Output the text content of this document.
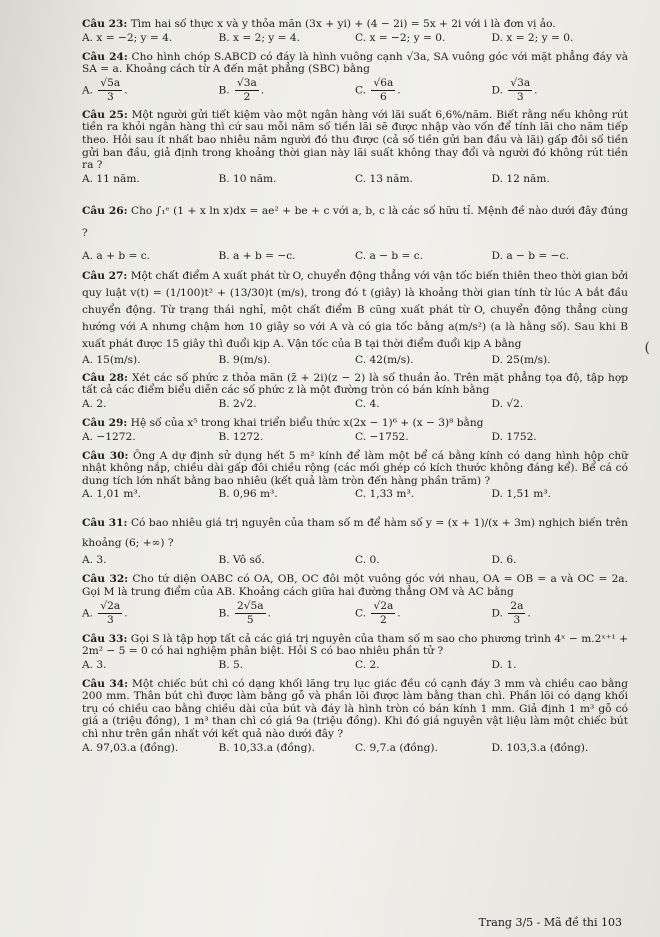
Câu 23: Tìm hai số thực x và y thỏa mãn (3x + yi) + (4 − 2i) = 5x + 2i với i là đơn vị ảo.
A. x = −2; y = 4.	B. x = 2; y = 4.	C. x = −2; y = 0.	D. x = 2; y = 0.
Câu 24: Cho hình chóp S.ABCD có đáy là hình vuông cạnh √3a, SA vuông góc với mặt phẳng đáy và SA = a. Khoảng cách từ A đến mặt phẳng (SBC) bằng
A. $\frac{√5a}{3}$ .	B. $\frac{√3a}{2}$ .	C. $\frac{√6a}{6}$ .	D. $\frac{√3a}{3}$ .
Câu 25: Một người gửi tiết kiệm vào một ngân hàng với lãi suất 6,6%/năm. Biết rằng nếu không rút tiền ra khỏi ngân hàng thì cứ sau mỗi năm số tiền lãi sẽ được nhập vào vốn để tính lãi cho năm tiếp theo. Hỏi sau ít nhất bao nhiêu năm người đó thu được (cả số tiền gửi ban đầu và lãi) gấp đôi số tiền gửi ban đầu, giả định trong khoảng thời gian này lãi suất không thay đổi và người đó không rút tiền ra ?
A. 11 năm.	B. 10 năm.	C. 13 năm.	D. 12 năm.
Câu 26: Cho ∫₁ᵉ (1 + x ln x)dx = ae² + be + c với a, b, c là các số hữu tỉ. Mệnh đề nào dưới đây đúng ?
A. a + b = c.	B. a + b = −c.	C. a − b = c.	D. a − b = −c.
Câu 27: Một chất điểm A xuất phát từ O, chuyển động thẳng với vận tốc biến thiên theo thời gian bởi quy luật v(t) = (1/100)t² + (13/30)t (m/s), trong đó t (giây) là khoảng thời gian tính từ lúc A bắt đầu chuyển động. Từ trạng thái nghỉ, một chất điểm B cũng xuất phát từ O, chuyển động thẳng cùng hướng với A nhưng chậm hơn 10 giây so với A và có gia tốc bằng a(m/s²) (a là hằng số). Sau khi B xuất phát được 15 giây thì đuổi kịp A. Vận tốc của B tại thời điểm đuổi kịp A bằng
A. 15(m/s).	B. 9(m/s).	C. 42(m/s).	D. 25(m/s).
Câu 28: Xét các số phức z thỏa mãn (z̄ + 2i)(z − 2) là số thuần ảo. Trên mặt phẳng tọa độ, tập hợp tất cả các điểm biểu diễn các số phức z là một đường tròn có bán kính bằng
A. 2.	B. 2√2.	C. 4.	D. √2.
Câu 29: Hệ số của x⁵ trong khai triển biểu thức x(2x − 1)⁶ + (x − 3)⁸ bằng
A. −1272.	B. 1272.	C. −1752.	D. 1752.
Câu 30: Ông A dự định sử dụng hết 5 m² kính để làm một bể cá bằng kính có dạng hình hộp chữ nhật không nắp, chiều dài gấp đôi chiều rộng (các mối ghép có kích thước không đáng kể). Bể cá có dung tích lớn nhất bằng bao nhiêu (kết quả làm tròn đến hàng phần trăm) ?
A. 1,01 m³.	B. 0,96 m³.	C. 1,33 m³.	D. 1,51 m³.
Câu 31: Có bao nhiêu giá trị nguyên của tham số m để hàm số y = (x + 1)/(x + 3m) nghịch biến trên khoảng (6; +∞) ?
A. 3.	B. Vô số.	C. 0.	D. 6.
Câu 32: Cho tứ diện OABC có OA, OB, OC đôi một vuông góc với nhau, OA = OB = a và OC = 2a. Gọi M là trung điểm của AB. Khoảng cách giữa hai đường thẳng OM và AC bằng
A. $\frac{√2a}{3}$ .	B. $\frac{2√5a}{5}$ .	C. $\frac{√2a}{2}$ .	D. $\frac{2a}{3}$ .
Câu 33: Gọi S là tập hợp tất cả các giá trị nguyên của tham số m sao cho phương trình 4ˣ − m.2ˣ⁺¹ + 2m² − 5 = 0 có hai nghiệm phân biệt. Hỏi S có bao nhiêu phần tử ?
A. 3.	B. 5.	C. 2.	D. 1.
Câu 34: Một chiếc bút chì có dạng khối lăng trụ lục giác đều có cạnh đáy 3 mm và chiều cao bằng 200 mm. Thân bút chì được làm bằng gỗ và phần lõi được làm bằng than chì. Phần lõi có dạng khối trụ có chiều cao bằng chiều dài của bút và đáy là hình tròn có bán kính 1 mm. Giả định 1 m³ gỗ có giá a (triệu đồng), 1 m³ than chì có giá 9a (triệu đồng). Khi đó giá nguyên vật liệu làm một chiếc bút chì như trên gần nhất với kết quả nào dưới đây ?
A. 97,03.a (đồng).	B. 10,33.a (đồng).	C. 9,7.a (đồng).	D. 103,3.a (đồng).
(
Trang 3/5 - Mã đề thi 103
